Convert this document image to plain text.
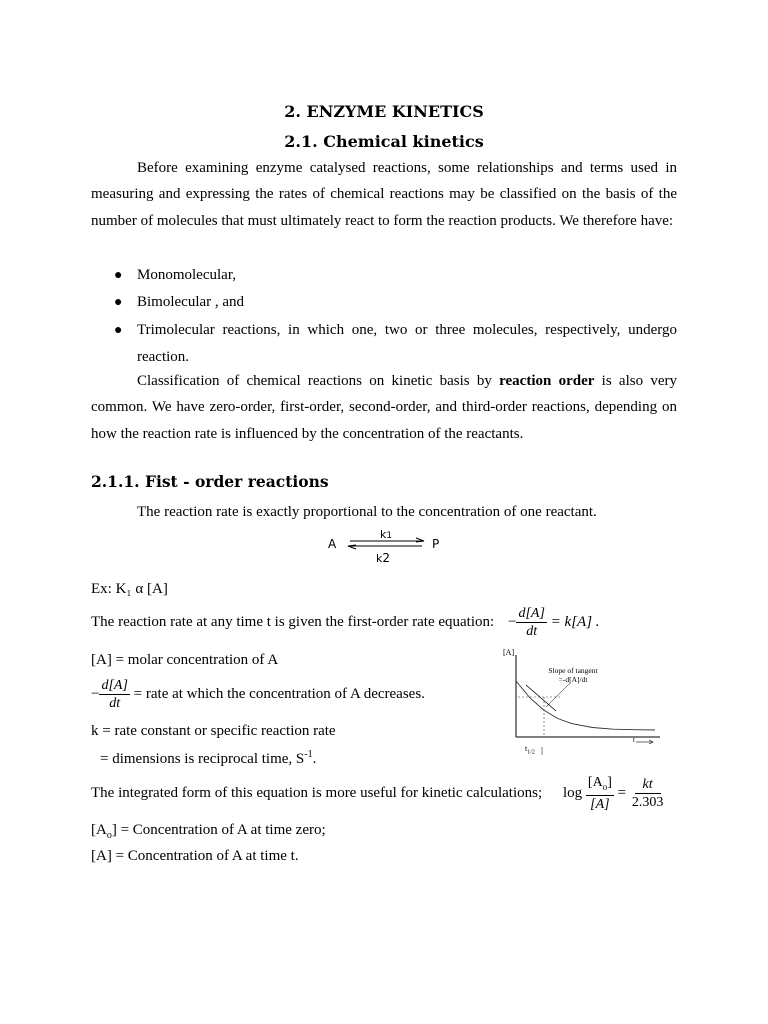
2. ENZYME KINETICS
2.1. Chemical kinetics
Before examining enzyme catalysed reactions, some relationships and terms used in measuring and expressing the rates of chemical reactions may be classified on the basis of the number of molecules that must ultimately react to form the reaction products. We therefore have:
● Monomolecular,
● Bimolecular , and
● Trimolecular reactions, in which one, two or three molecules, respectively, undergo reaction.
Classification of chemical reactions on kinetic basis by reaction order is also very common. We have zero-order, first-order, second-order, and third-order reactions, depending on how the reaction rate is influenced by the concentration of the reactants.
2.1.1. Fist - order reactions
The reaction rate is exactly proportional to the concentration of one reactant.
A	P
k1
k2
Ex: K₁ α [A]
The reaction rate at any time t is given the first-order rate equation: − $\frac{d[A]}{dt} = k[A]$ .
[A] = molar concentration of A
− $\frac{d[A]}{dt}$ = rate at which the concentration of A decreases.
k = rate constant or specific reaction rate
= dimensions is reciprocal time, $S^{-1}$.
[A]
Slope of tangent
=-d[A]/dt
$t_{1/2}$
t
The integrated form of this equation is more useful for kinetic calculations; $\log \frac{[A_o]}{[A]} = \frac{kt}{2.303}$
$[A_o]$ = Concentration of A at time zero;
[A] = Concentration of A at time t.
